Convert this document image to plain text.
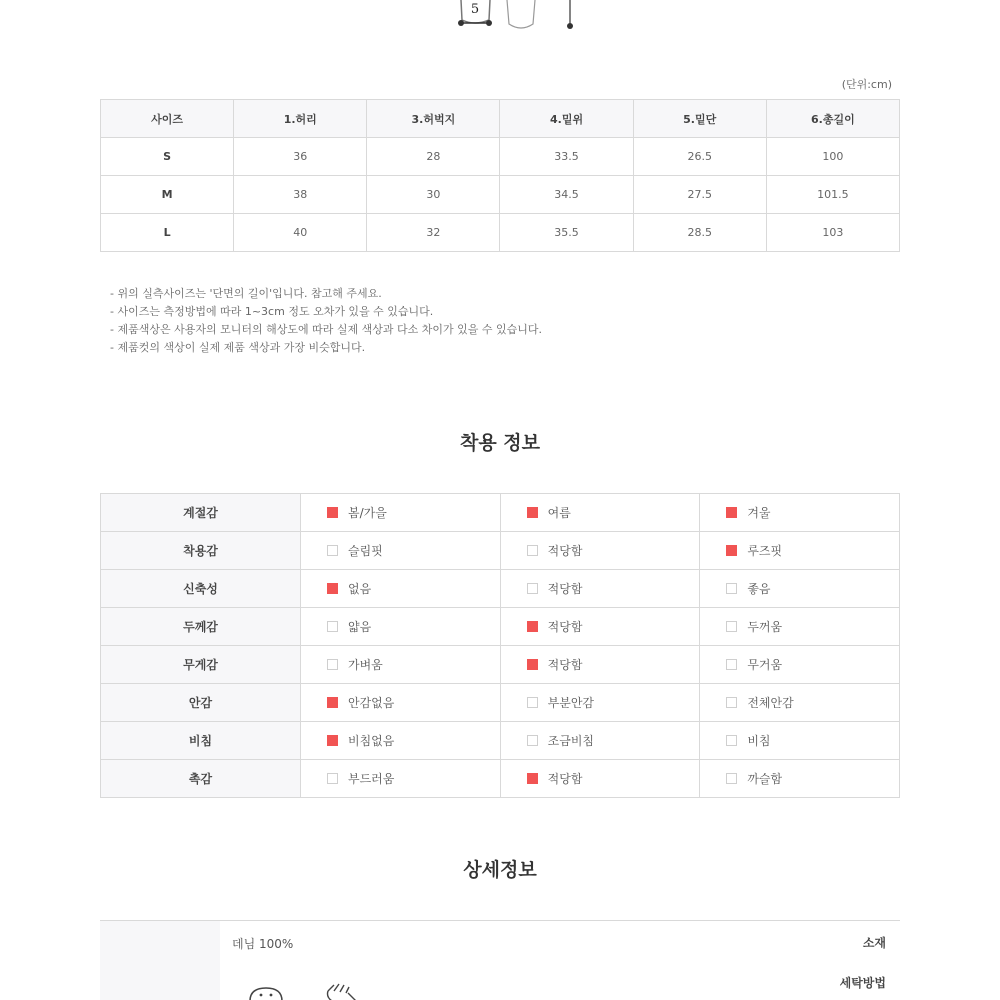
5
(단위:cm)
사이즈	1.허리	3.허벅지	4.밑위	5.밑단	6.총길이
S	36	28	33.5	26.5	100
M	38	30	34.5	27.5	101.5
L	40	32	35.5	28.5	103
- 위의 실측사이즈는 '단면의 길이'입니다. 참고해 주세요.
- 사이즈는 측정방법에 따라 1~3cm 정도 오차가 있을 수 있습니다.
- 제품색상은 사용자의 모니터의 해상도에 따라 실제 색상과 다소 차이가 있을 수 있습니다.
- 제품컷의 색상이 실제 제품 색상과 가장 비슷합니다.
착용 정보
계절감	봄/가을	여름	겨울
착용감	슬림핏	적당함	루즈핏
신축성	없음	적당함	좋음
두께감	얇음	적당함	두꺼움
무게감	가벼움	적당함	무거움
안감	안감없음	부분안감	전체안감
비침	비침없음	조금비침	비침
촉감	부드러움	적당함	까슬함
상세정보
소재
데님 100%
세탁방법
